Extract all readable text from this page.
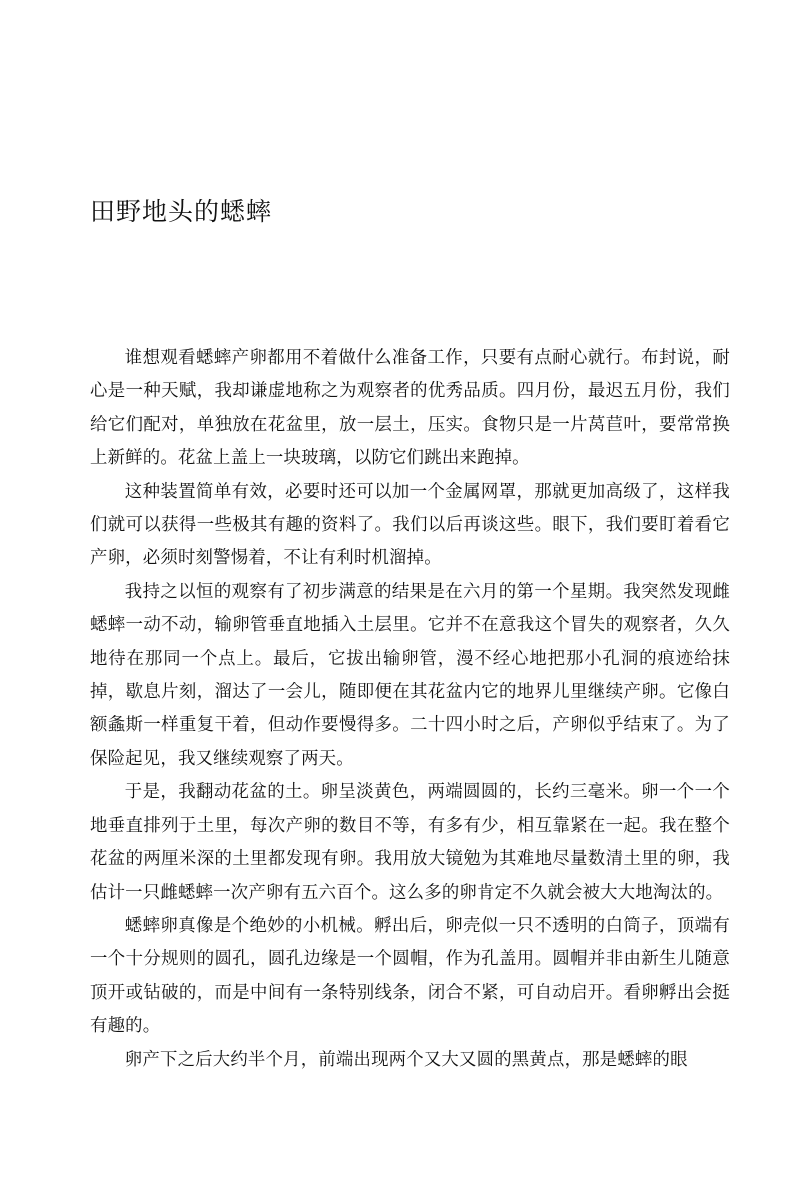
田野地头的蟋蟀

谁想观看蟋蟀产卵都用不着做什么准备工作，只要有点耐心就行。布封说，耐心是一种天赋，我却谦虚地称之为观察者的优秀品质。四月份，最迟五月份，我们给它们配对，单独放在花盆里，放一层土，压实。食物只是一片莴苣叶，要常常换上新鲜的。花盆上盖上一块玻璃，以防它们跳出来跑掉。

这种装置简单有效，必要时还可以加一个金属网罩，那就更加高级了，这样我们就可以获得一些极其有趣的资料了。我们以后再谈这些。眼下，我们要盯着看它产卵，必须时刻警惕着，不让有利时机溜掉。

我持之以恒的观察有了初步满意的结果是在六月的第一个星期。我突然发现雌蟋蟀一动不动，输卵管垂直地插入土层里。它并不在意我这个冒失的观察者，久久地待在那同一个点上。最后，它拔出输卵管，漫不经心地把那小孔洞的痕迹给抹掉，歇息片刻，溜达了一会儿，随即便在其花盆内它的地界儿里继续产卵。它像白额螽斯一样重复干着，但动作要慢得多。二十四小时之后，产卵似乎结束了。为了保险起见，我又继续观察了两天。

于是，我翻动花盆的土。卵呈淡黄色，两端圆圆的，长约三毫米。卵一个一个地垂直排列于土里，每次产卵的数目不等，有多有少，相互靠紧在一起。我在整个花盆的两厘米深的土里都发现有卵。我用放大镜勉为其难地尽量数清土里的卵，我估计一只雌蟋蟀一次产卵有五六百个。这么多的卵肯定不久就会被大大地淘汰的。

蟋蟀卵真像是个绝妙的小机械。孵出后，卵壳似一只不透明的白筒子，顶端有一个十分规则的圆孔，圆孔边缘是一个圆帽，作为孔盖用。圆帽并非由新生儿随意顶开或钻破的，而是中间有一条特别线条，闭合不紧，可自动启开。看卵孵出会挺有趣的。

卵产下之后大约半个月，前端出现两个又大又圆的黑黄点，那是蟋蟀的眼
